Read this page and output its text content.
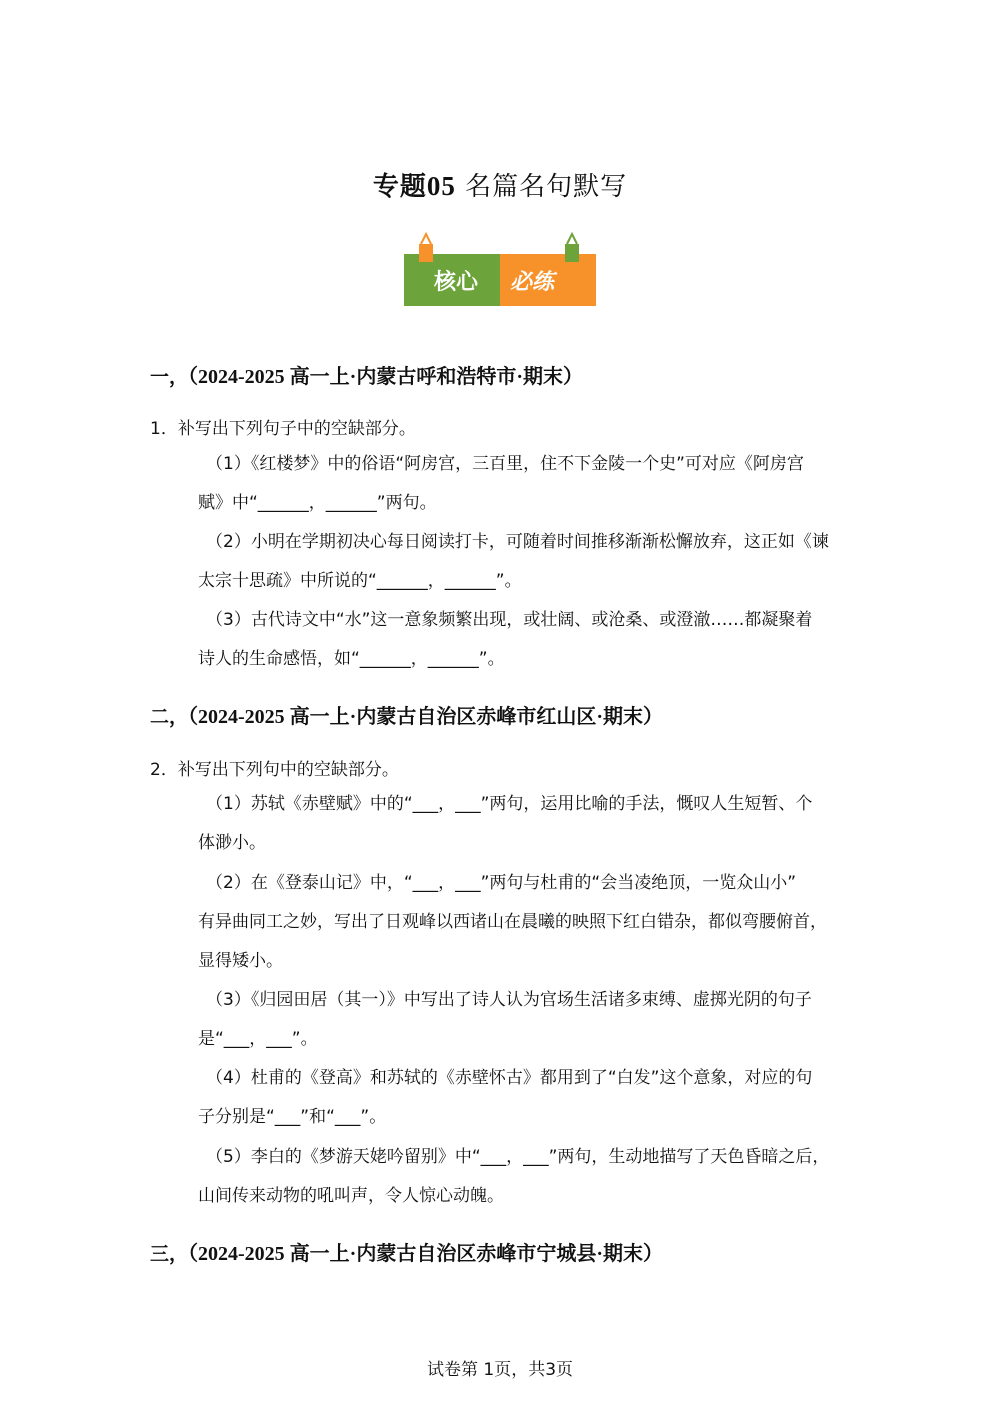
专题05 名篇名句默写
核心 必练
一，（2024-2025 高一上·内蒙古呼和浩特市·期末）
1．补写出下列句子中的空缺部分。
（1）《红楼梦》中的俗语“阿房宫，三百里，住不下金陵一个史”可对应《阿房宫
赋》中“______，______”两句。
（2）小明在学期初决心每日阅读打卡，可随着时间推移渐渐松懈放弃，这正如《谏
太宗十思疏》中所说的“______，______”。
（3）古代诗文中“水”这一意象频繁出现，或壮阔、或沧桑、或澄澈……都凝聚着
诗人的生命感悟，如“______，______”。
二，（2024-2025 高一上·内蒙古自治区赤峰市红山区·期末）
2．补写出下列句中的空缺部分。
（1）苏轼《赤壁赋》中的“___，___”两句，运用比喻的手法，慨叹人生短暂、个
体渺小。
（2）在《登泰山记》中，“___，___”两句与杜甫的“会当凌绝顶，一览众山小”
有异曲同工之妙，写出了日观峰以西诸山在晨曦的映照下红白错杂，都似弯腰俯首，
显得矮小。
（3）《归园田居（其一）》中写出了诗人认为官场生活诸多束缚、虚掷光阴的句子
是“___，___”。
（4）杜甫的《登高》和苏轼的《赤壁怀古》都用到了“白发”这个意象，对应的句
子分别是“___”和“___”。
（5）李白的《梦游天姥吟留别》中“___，___”两句，生动地描写了天色昏暗之后，
山间传来动物的吼叫声，令人惊心动魄。
三，（2024-2025 高一上·内蒙古自治区赤峰市宁城县·期末）
试卷第 1页，共3页
